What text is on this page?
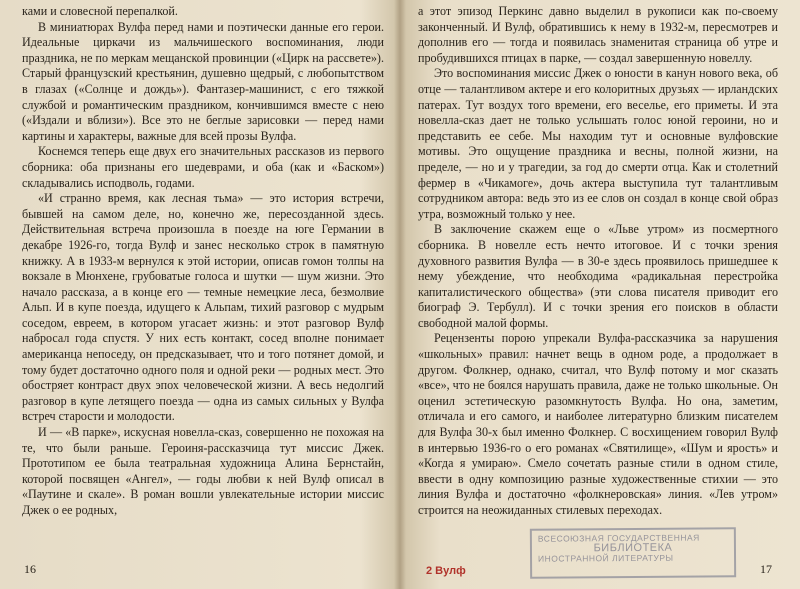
ками и словесной перепалкой.

В миниатюрах Вулфа перед нами и поэтически данные его герои. Идеальные циркачи из мальчишеского воспоминания, люди праздника, не по меркам мещанской провинции («Цирк на рассвете»). Старый французский крестьянин, душевно щедрый, с любопытством в глазах («Солнце и дождь»). Фантазер-машинист, с его тяжкой службой и романтическим праздником, кончившимся вместе с нею («Издали и вблизи»). Все это не беглые зарисовки — перед нами картины и характеры, важные для всей прозы Вулфа.

Коснемся теперь еще двух его значительных рассказов из первого сборника: оба признаны его шедеврами, и оба (как и «Баском») складывались исподволь, годами.

«И странно время, как лесная тьма» — это история встречи, бывшей на самом деле, но, конечно же, пересозданной здесь. Действительная встреча произошла в поезде на юге Германии в декабре 1926-го, тогда Вулф и занес несколько строк в памятную книжку. А в 1933-м вернулся к этой истории, описав гомон толпы на вокзале в Мюнхене, грубоватые голоса и шутки — шум жизни. Это начало рассказа, а в конце его — темные немецкие леса, безмолвие Альп. И в купе поезда, идущего к Альпам, тихий разговор с мудрым соседом, евреем, в котором угасает жизнь: и этот разговор Вулф набросал года спустя. У них есть контакт, сосед вполне понимает американца непоседу, он предсказывает, что и того потянет домой, и тому будет достаточно одного поля и одной реки — родных мест. Это обостряет контраст двух эпох человеческой жизни. А весь недолгий разговор в купе летящего поезда — одна из самых сильных у Вулфа встреч старости и молодости.

И — «В парке», искусная новелла-сказ, совершенно не похожая на те, что были раньше. Героиня-рассказчица тут миссис Джек. Прототипом ее была театральная художница Алина Бернстайн, которой посвящен «Ангел», — годы любви к ней Вулф описал в «Паутине и скале». В роман вошли увлекательные истории миссис Джек о ее родных,

16

а этот эпизод Перкинс давно выделил в рукописи как по-своему законченный. И Вулф, обратившись к нему в 1932-м, пересмотрев и дополнив его — тогда и появилась знаменитая страница об утре и пробудившихся птицах в парке, — создал завершенную новеллу.

Это воспоминания миссис Джек о юности в канун нового века, об отце — талантливом актере и его колоритных друзьях — ирландских патерах. Тут воздух того времени, его веселье, его приметы. И эта новелла-сказ дает не только услышать голос юной героини, но и представить ее себе. Мы находим тут и основные вулфовские мотивы. Это ощущение праздника и весны, полной жизни, на пределе, — но и у трагедии, за год до смерти отца. Как и столетний фермер в «Чикамоге», дочь актера выступила тут талантливым сотрудником автора: ведь это из ее слов он создал в конце свой образ утра, возможный только у нее.

В заключение скажем еще о «Льве утром» из посмертного сборника. В новелле есть нечто итоговое. И с точки зрения духовного развития Вулфа — в 30-е здесь проявилось пришедшее к нему убеждение, что необходима «радикальная перестройка капиталистического общества» (эти слова писателя приводит его биограф Э. Тербулл). И с точки зрения его поисков в области свободной малой формы.

Рецензенты порою упрекали Вулфа-рассказчика за нарушения «школьных» правил: начнет вещь в одном роде, а продолжает в другом. Фолкнер, однако, считал, что Вулф потому и мог сказать «все», что не боялся нарушать правила, даже не только школьные. Он оценил эстетическую разомкнутость Вулфа. Но она, заметим, отличала и его самого, и наиболее литературно близким писателем для Вулфа 30-х был именно Фолкнер. С восхищением говорил Вулф в интервью 1936-го о его романах «Святилище», «Шум и ярость» и «Когда я умираю». Смело сочетать разные стили в одном стиле, ввести в одну композицию разные художественные стихии — это линия Вулфа и достаточно «фолкнеровская» линия. «Лев утром» строится на неожиданных стилевых переходах.

17
2 Вулф
ВСЕСОЮЗНАЯ ГОСУДАРСТВЕННАЯ
БИБЛИОТЕКА
ИНОСТРАННОЙ ЛИТЕРАТУРЫ
